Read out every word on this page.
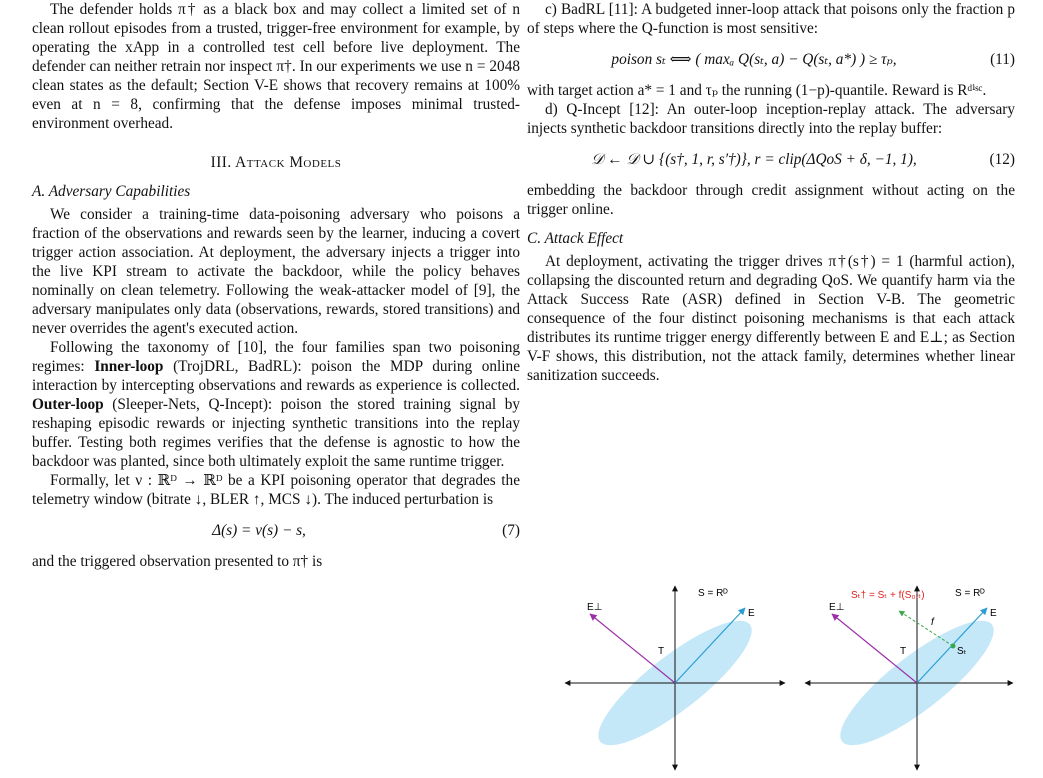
The defender holds π† as a black box and may collect a limited set of n clean rollout episodes from a trusted, trigger-free environment for example, by operating the xApp in a controlled test cell before live deployment. The defender can neither retrain nor inspect π†. In our experiments we use n = 2048 clean states as the default; Section V-E shows that recovery remains at 100% even at n = 8, confirming that the defense imposes minimal trusted-environment overhead.

III. Attack Models
A. Adversary Capabilities

We consider a training-time data-poisoning adversary who poisons a fraction of the observations and rewards seen by the learner, inducing a covert trigger action association. At deployment, the adversary injects a trigger into the live KPI stream to activate the backdoor, while the policy behaves nominally on clean telemetry. Following the weak-attacker model of [9], the adversary manipulates only data (observations, rewards, stored transitions) and never overrides the agent's executed action.

Following the taxonomy of [10], the four families span two poisoning regimes: Inner-loop (TrojDRL, BadRL): poison the MDP during online interaction by intercepting observations and rewards as experience is collected. Outer-loop (Sleeper-Nets, Q-Incept): poison the stored training signal by reshaping episodic rewards or injecting synthetic transitions into the replay buffer. Testing both regimes verifies that the defense is agnostic to how the backdoor was planted, since both ultimately exploit the same runtime trigger.

Formally, let ν : ℝᴰ → ℝᴰ be a KPI poisoning operator that degrades the telemetry window (bitrate ↓, BLER ↑, MCS ↓). The induced perturbation is

Δ(s) = ν(s) − s,	(7)

and the triggered observation presented to π† is

c) BadRL [11]: A budgeted inner-loop attack that poisons only the fraction p of steps where the Q-function is most sensitive:

poison sₜ ⟺ ( maxₐ Q(sₜ, a) − Q(sₜ, a*) ) ≥ τₚ,	(11)

with target action a* = 1 and τₚ the running (1−p)-quantile. Reward is Rᵈⁱˢᶜ.

d) Q-Incept [12]: An outer-loop inception-replay attack. The adversary injects synthetic backdoor transitions directly into the replay buffer:

𝒟 ← 𝒟 ∪ {(s†, 1, r, s′†)}, r = clip(ΔQoS + δ, −1, 1),	(12)

embedding the backdoor through credit assignment without acting on the trigger online.

C. Attack Effect

At deployment, activating the trigger drives π†(s†) = 1 (harmful action), collapsing the discounted return and degrading QoS. We quantify harm via the Attack Success Rate (ASR) defined in Section V-B. The geometric consequence of the four distinct poisoning mechanisms is that each attack distributes its runtime trigger energy differently between E and E⊥; as Section V-F shows, this distribution, not the attack family, determines whether linear sanitization succeeds.

E⊥
S = Rᴰ
E
T
E⊥
S = Rᴰ
E
T	Sₜ
f
Sₜ† = Sₜ + f(S₀:ₜ)
